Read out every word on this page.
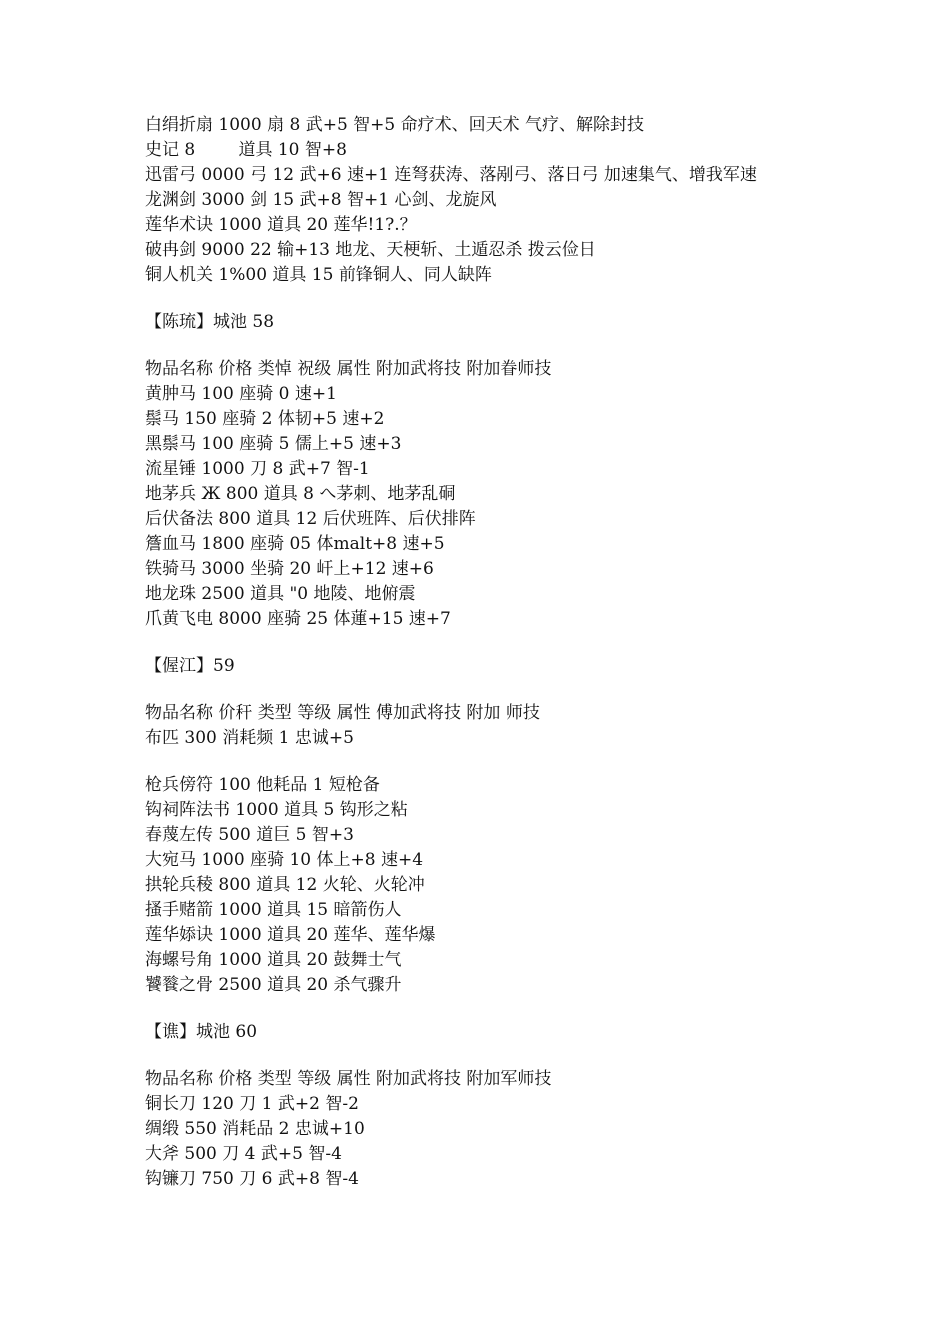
白绢折扇 1000 扇 8 武+5 智+5 命疗术、回天术 气疗、解除封技
史记 8        道具 10 智+8
迅雷弓 0000 弓 12 武+6 速+1 连弩获涛、落剐弓、落日弓 加速集气、增我军速
龙渊剑 3000 剑 15 武+8 智+1 心剑、龙旋风
莲华术诀 1000 道具 20 莲华!1?.？
破冉剑 9000 22 输+13 地龙、天梗斩、土遁忍杀 拨云俭日
铜人机关 1%00 道具 15 前锋铜人、同人缺阵
【陈琉】城池 58
物品名称 价格 类悼 祝级 属性 附加武将技 附加眷师技
黄肿马 100 座骑 0 速+1
鬃马 150 座骑 2 体韧+5 速+2
黑鬃马 100 座骑 5 儒上+5 速+3
流星锤 1000 刀 8 武+7 智-1
地茅兵 Ж 800 道具 8 へ茅刺、地茅乱硐
后伏备法 800 道具 12 后伏班阵、后伏排阵
簷血马 1800 座骑 05 体malt+8 速+5
铁骑马 3000 坐骑 20 屽上+12 速+6
地龙珠 2500 道具 "0 地陵、地俯震
爪黄飞电 8000 座骑 25 体蓮+15 速+7
【偓江】59
物品名称 价秆 类型 等级 属性 傅加武将技 附加 师技
布匹 300 消耗频 1 忠诚+5
枪兵傍符 100 他耗品 1 短枪备
钩祠阵法书 1000 道具 5 钩形之粘
春蔑左传 500 道巨 5 智+3
大宛马 1000 座骑 10 体上+8 速+4
拱轮兵稜 800 道具 12 火轮、火轮冲
搔手赌箭 1000 道具 15 暗箭伤人
莲华婖诀 1000 道具 20 莲华、莲华爆
海螺号角 1000 道具 20 鼓舞士气
饕餮之骨 2500 道具 20 杀气骤升
【谯】城池 60
物品名称 价格 类型 等级 属性 附加武将技 附加军师技
铜长刀 120 刀 1 武+2 智-2
绸缎 550 消耗品 2 忠诚+10
大斧 500 刀 4 武+5 智-4
钩镰刀 750 刀 6 武+8 智-4
